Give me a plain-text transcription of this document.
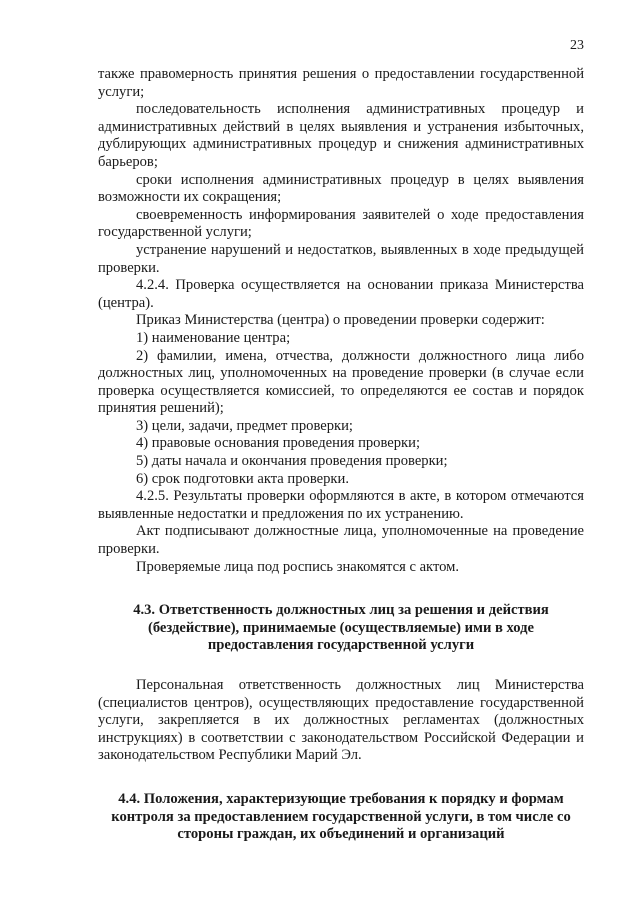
23

также правомерность принятия решения о предоставлении государственной услуги;

последовательность исполнения административных процедур и административных действий в целях выявления и устранения избыточных, дублирующих административных процедур и снижения административных барьеров;

сроки исполнения административных процедур в целях выявления возможности их сокращения;

своевременность информирования заявителей о ходе предоставления государственной услуги;

устранение нарушений и недостатков, выявленных в ходе предыдущей проверки.

4.2.4. Проверка осуществляется на основании приказа Министерства (центра).

Приказ Министерства (центра) о проведении проверки содержит:

1) наименование центра;

2) фамилии, имена, отчества, должности должностного лица либо должностных лиц, уполномоченных на проведение проверки (в случае если проверка осуществляется комиссией, то определяются ее состав и порядок принятия решений);

3) цели, задачи, предмет проверки;

4) правовые основания проведения проверки;

5) даты начала и окончания проведения проверки;

6) срок подготовки акта проверки.

4.2.5. Результаты проверки оформляются в акте, в котором отмечаются выявленные недостатки и предложения по их устранению.

Акт подписывают должностные лица, уполномоченные на проведение проверки.

Проверяемые лица под роспись знакомятся с актом.

4.3. Ответственность должностных лиц за решения и действия (бездействие), принимаемые (осуществляемые) ими в ходе предоставления государственной услуги

Персональная ответственность должностных лиц Министерства (специалистов центров), осуществляющих предоставление государственной услуги, закрепляется в их должностных регламентах (должностных инструкциях) в соответствии с законодательством Российской Федерации и законодательством Республики Марий Эл.

4.4. Положения, характеризующие требования к порядку и формам контроля за предоставлением государственной услуги, в том числе со стороны граждан, их объединений и организаций
